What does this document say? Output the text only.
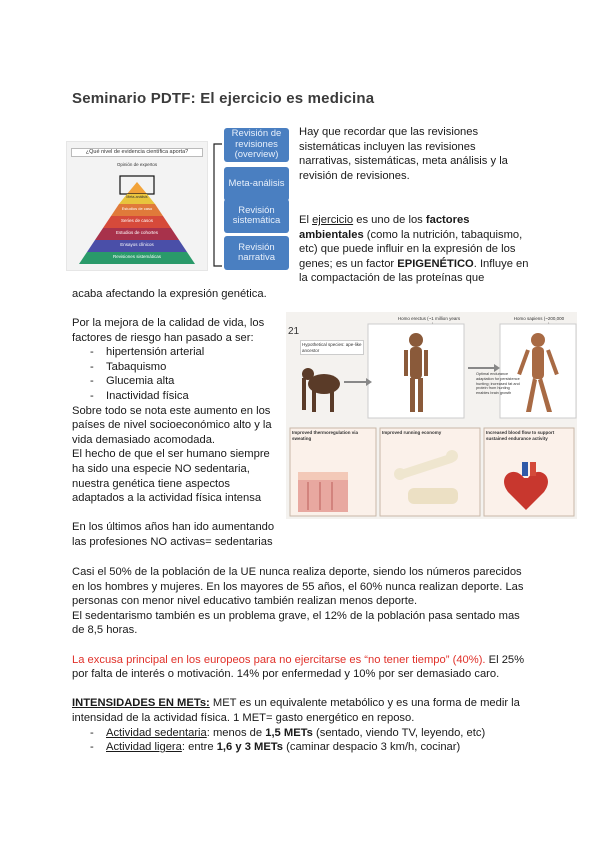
Seminario PDTF: El ejercicio es medicina
¿Qué nivel de evidencia científica aporta?
Opinión de expertos
Series de casos
Estudios de cohortes
Ensayos clínicos
Revisiones sistemáticas
Estudios de caso
Meta-análisis
Revisión de revisiones (overview)
Meta-análisis
Revisión sistemática
Revisión narrativa
Hay que recordar que las revisiones sistemáticas incluyen las revisiones narrativas, sistemáticas, meta análisis y la revisión de revisiones.
El ejercicio es uno de los factores ambientales (como la nutrición, tabaquismo, etc) que puede influir en la expresión de los genes; es un factor EPIGENÉTICO. Influye en la compactación de las proteínas que
acaba afectando la expresión genética.
Por la mejora de la calidad de vida, los factores de riesgo han pasado a ser:
- hipertensión arterial
- Tabaquismo
- Glucemia alta
- Inactividad física
Sobre todo se nota este aumento en los países de nivel socioeconómico alto y la vida demasiado acomodada.
El hecho de que el ser humano siempre ha sido una especie NO sedentaria, nuestra genética tiene aspectos adaptados a la actividad física intensa
En los últimos años han ido aumentando las profesiones NO activas= sedentarias
21
Hypothetical species: ape-like ancestor
Homo erectus (~1 million years	Homo sapiens (~200,000
Optimal endurance adaptation for persistence hunting; increased fat and protein from hunting enables brain growth
Improved thermoregulation via sweating
Improved running economy	Increased blood flow to support sustained endurance activity
Casi el 50% de la población de la UE nunca realiza deporte, siendo los números parecidos en los hombres y mujeres. En los mayores de 55 años, el 60% nunca realizan deporte. Las personas con menor nivel educativo también realizan menos deporte.
El sedentarismo también es un problema grave, el 12% de la población pasa sentado mas de 8,5 horas.
La excusa principal en los europeos para no ejercitarse es “no tener tiempo” (40%). El 25% por falta de interés o motivación. 14% por enfermedad y 10% por ser demasiado caro.
INTENSIDADES EN METs: MET es un equivalente metabólico y es una forma de medir la intensidad de la actividad física. 1 MET= gasto energético en reposo.
- Actividad sedentaria: menos de 1,5 METs (sentado, viendo TV, leyendo, etc)
- Actividad ligera: entre 1,6 y 3 METs (caminar despacio 3 km/h, cocinar)
